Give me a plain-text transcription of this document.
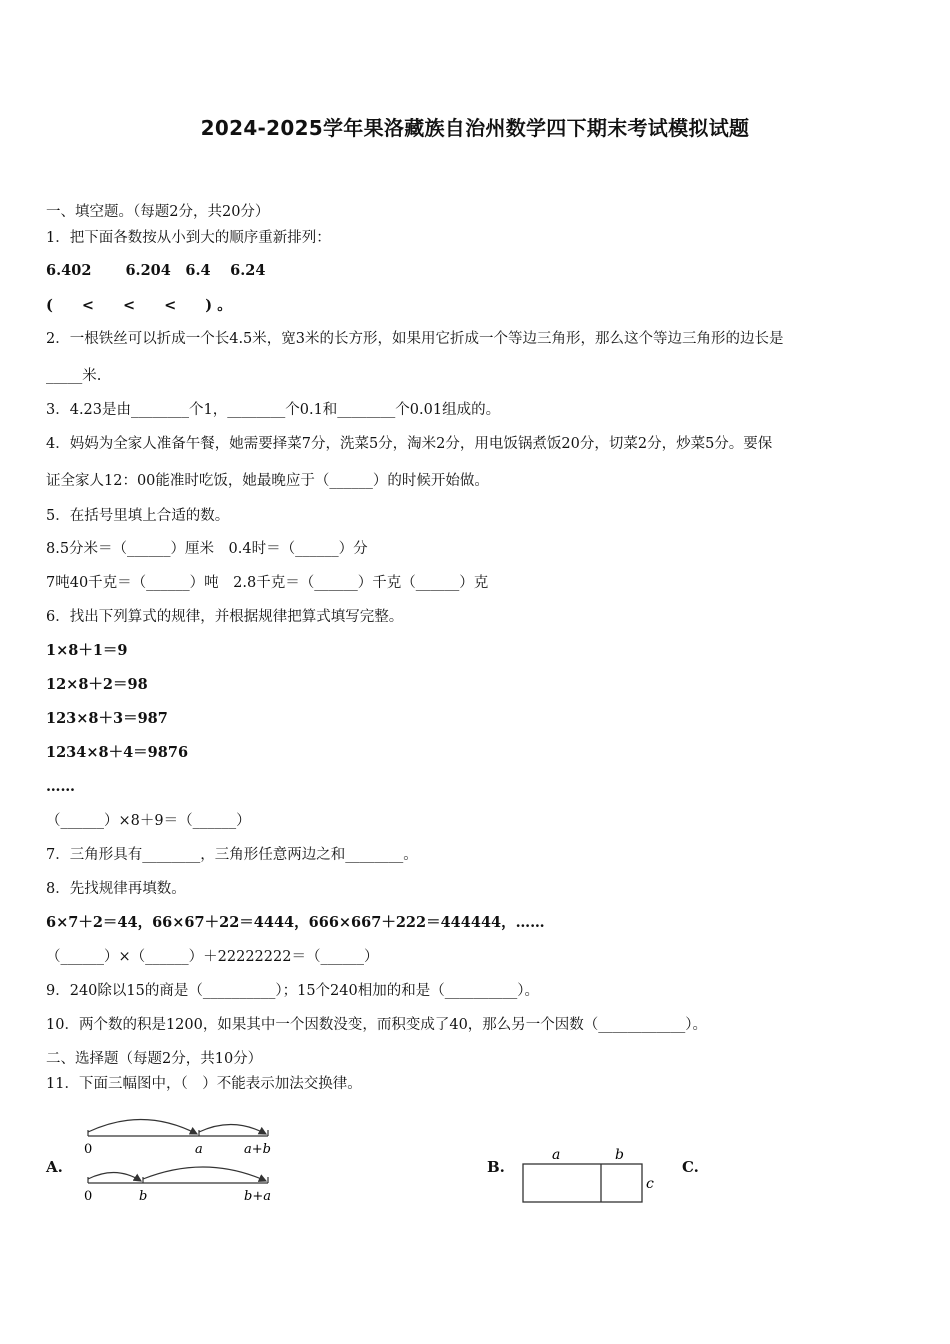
2024-2025学年果洛藏族自治州数学四下期末考试模拟试题
一、填空题。（每题2分，共20分）
1．把下面各数按从小到大的顺序重新排列：
6.402　　 6.204　6.4　 6.24
(　　<　　<　　<　　) 。
2．一根铁丝可以折成一个长4.5米，宽3米的长方形，如果用它折成一个等边三角形，那么这个等边三角形的边长是
_____米.
3．4.23是由________个1，________个0.1和________个0.01组成的。
4．妈妈为全家人准备午餐，她需要择菜7分，洗菜5分，淘米2分，用电饭锅煮饭20分，切菜2分，炒菜5分。要保
证全家人12：00能准时吃饭，她最晚应于（______）的时候开始做。
5．在括号里填上合适的数。
8.5分米＝（______）厘米　0.4时＝（______）分
7吨40千克＝（______）吨　2.8千克＝（______）千克（______）克
6．找出下列算式的规律，并根据规律把算式填写完整。
1×8＋1＝9
12×8＋2＝98
123×8＋3＝987
1234×8＋4＝9876
……
（______）×8＋9＝（______）
7．三角形具有________，三角形任意两边之和________。
8．先找规律再填数。
6×7＋2＝44，66×67＋22＝4444，666×667＋222＝444444，……
（______）×（______）＋22222222＝（______）
9．240除以15的商是（__________）；15个240相加的和是（__________）。
10．两个数的积是1200，如果其中一个因数没变，而积变成了40，那么另一个因数（____________）。
二、选择题（每题2分，共10分）
11．下面三幅图中，（　）不能表示加法交换律。
A.	B.	C.
0	a	a+b
0	b	b+a
a	b
c
